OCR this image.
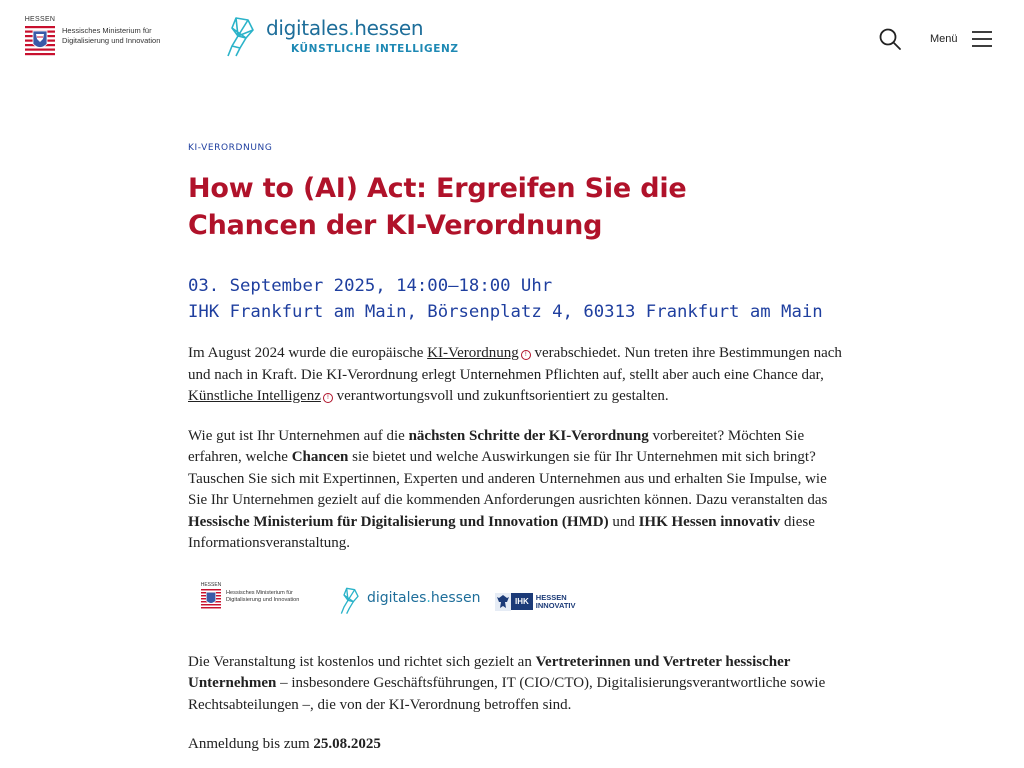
HESSEN
Hessisches Ministerium für
Digitalisierung und Innovation	digitales.hessen
KÜNSTLICHE INTELLIGENZ
Menü
KI-VERORDNUNG
How to (AI) Act: Ergreifen Sie die
Chancen der KI-Verordnung
03. September 2025, 14:00–18:00 Uhr
IHK Frankfurt am Main, Börsenplatz 4, 60313 Frankfurt am Main

Im August 2024 wurde die europäische KI-Verordnung ! verabschiedet. Nun treten ihre Bestimmungen nach und nach in Kraft. Die KI-Verordnung erlegt Unternehmen Pflichten auf, stellt aber auch eine Chance dar, Künstliche Intelligenz ! verantwortungsvoll und zukunftsorientiert zu gestalten.

Wie gut ist Ihr Unternehmen auf die nächsten Schritte der KI-Verordnung vorbereitet? Möchten Sie erfahren, welche Chancen sie bietet und welche Auswirkungen sie für Ihr Unternehmen mit sich bringt? Tauschen Sie sich mit Expertinnen, Experten und anderen Unternehmen aus und erhalten Sie Impulse, wie Sie Ihr Unternehmen gezielt auf die kommenden Anforderungen ausrichten können. Dazu veranstalten das Hessische Ministerium für Digitalisierung und Innovation (HMD) und IHK Hessen innovativ diese Informationsveranstaltung.

HESSEN
Hessisches Ministerium für
Digitalisierung und Innovation	digitales.hessen	IHK HESSEN
INNOVATIV

Die Veranstaltung ist kostenlos und richtet sich gezielt an Vertreterinnen und Vertreter hessischer Unternehmen – insbesondere Geschäftsführungen, IT (CIO/CTO), Digitalisierungsverantwortliche sowie Rechtsabteilungen –, die von der KI-Verordnung betroffen sind.

Anmeldung bis zum 25.08.2025
